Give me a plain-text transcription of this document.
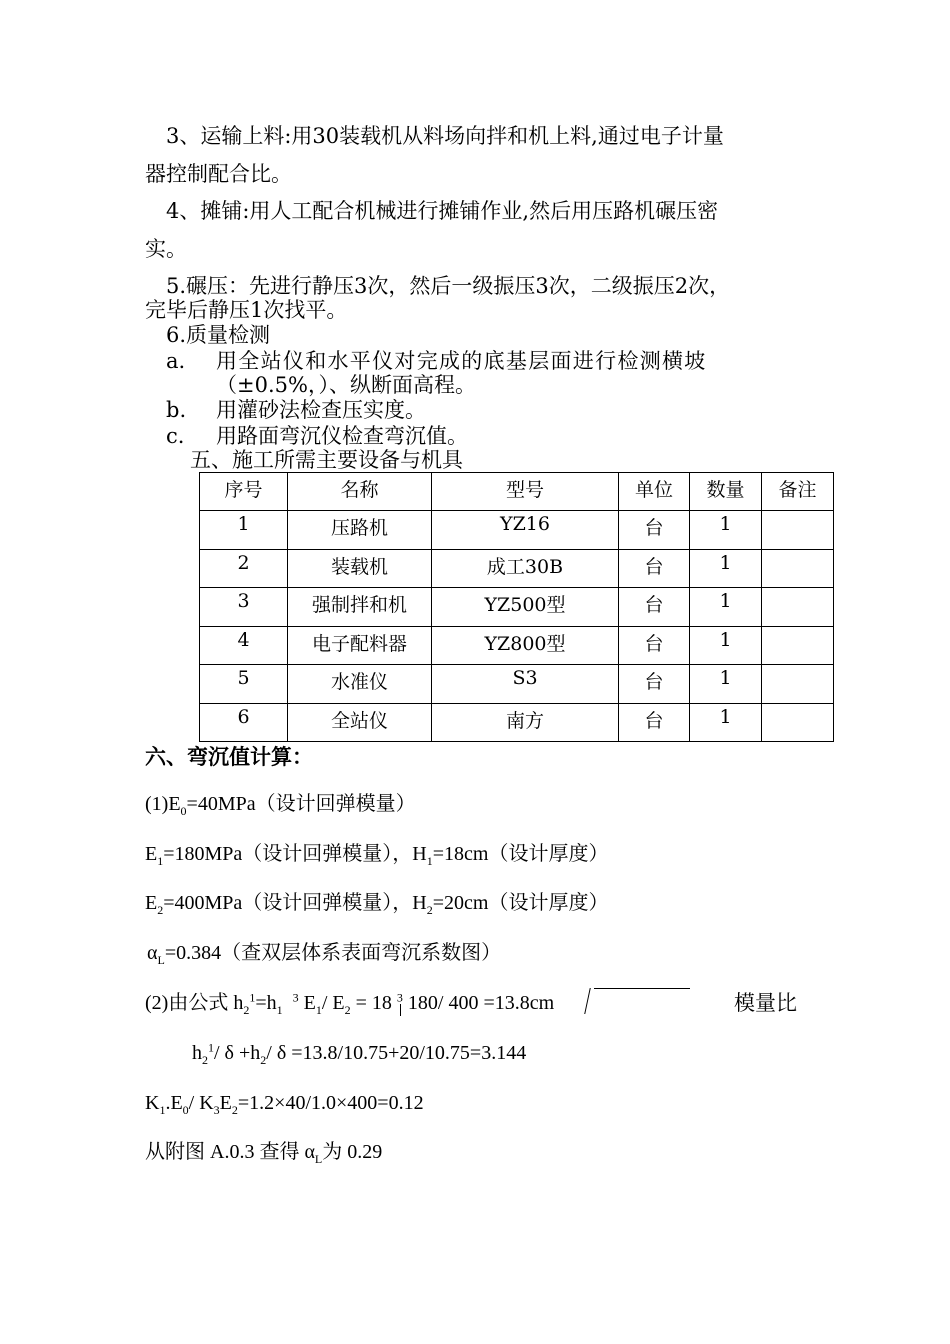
3、运输上料:用30装载机从料场向拌和机上料,通过电子计量
器控制配合比。
4、摊铺:用人工配合机械进行摊铺作业,然后用压路机碾压密
实。
5.碾压：先进行静压3次，然后一级振压3次，二级振压2次，
完毕后静压1次找平。
6.质量检测
a. 用全站仪和水平仪对完成的底基层面进行检测横坡
（±0.5%，）、纵断面高程。
b. 用灌砂法检查压实度。
c. 用路面弯沉仪检查弯沉值。
五、施工所需主要设备与机具
序号	名称	型号	单位	数量	备注
1	压路机	YZ16	台	1	
2	装载机	成工30B	台	1	
3	强制拌和机	YZ500型	台	1	
4	电子配料器	YZ800型	台	1	
5	水准仪	S3	台	1	
6	全站仪	南方	台	1	
六、弯沉值计算：
$(1)E_0=40MPa$（设计回弹模量）
$E_1=180MPa$（设计回弹模量），$H_1=18cm$（设计厚度）
$E_2=400MPa$（设计回弹模量），$H_2=20cm$（设计厚度）
$\alpha_L=0.384$（查双层体系表面弯沉系数图）
(2)由公式 $h_2^1=h_1$  $^3$ $E_1/$ $E_2 = 18$ $^3$ 180/ 400 =13.8cm	模量比
$h_2^1/$ $\delta +h_2/$ δ =13.8/10.75+20/10.75=3.144
$K_1.E_0/$ $K_3E_2=1.2\times 40/1.0\times 400=0.12$
从附图 A.0.3 查得 $\alpha_L$为 0.29
